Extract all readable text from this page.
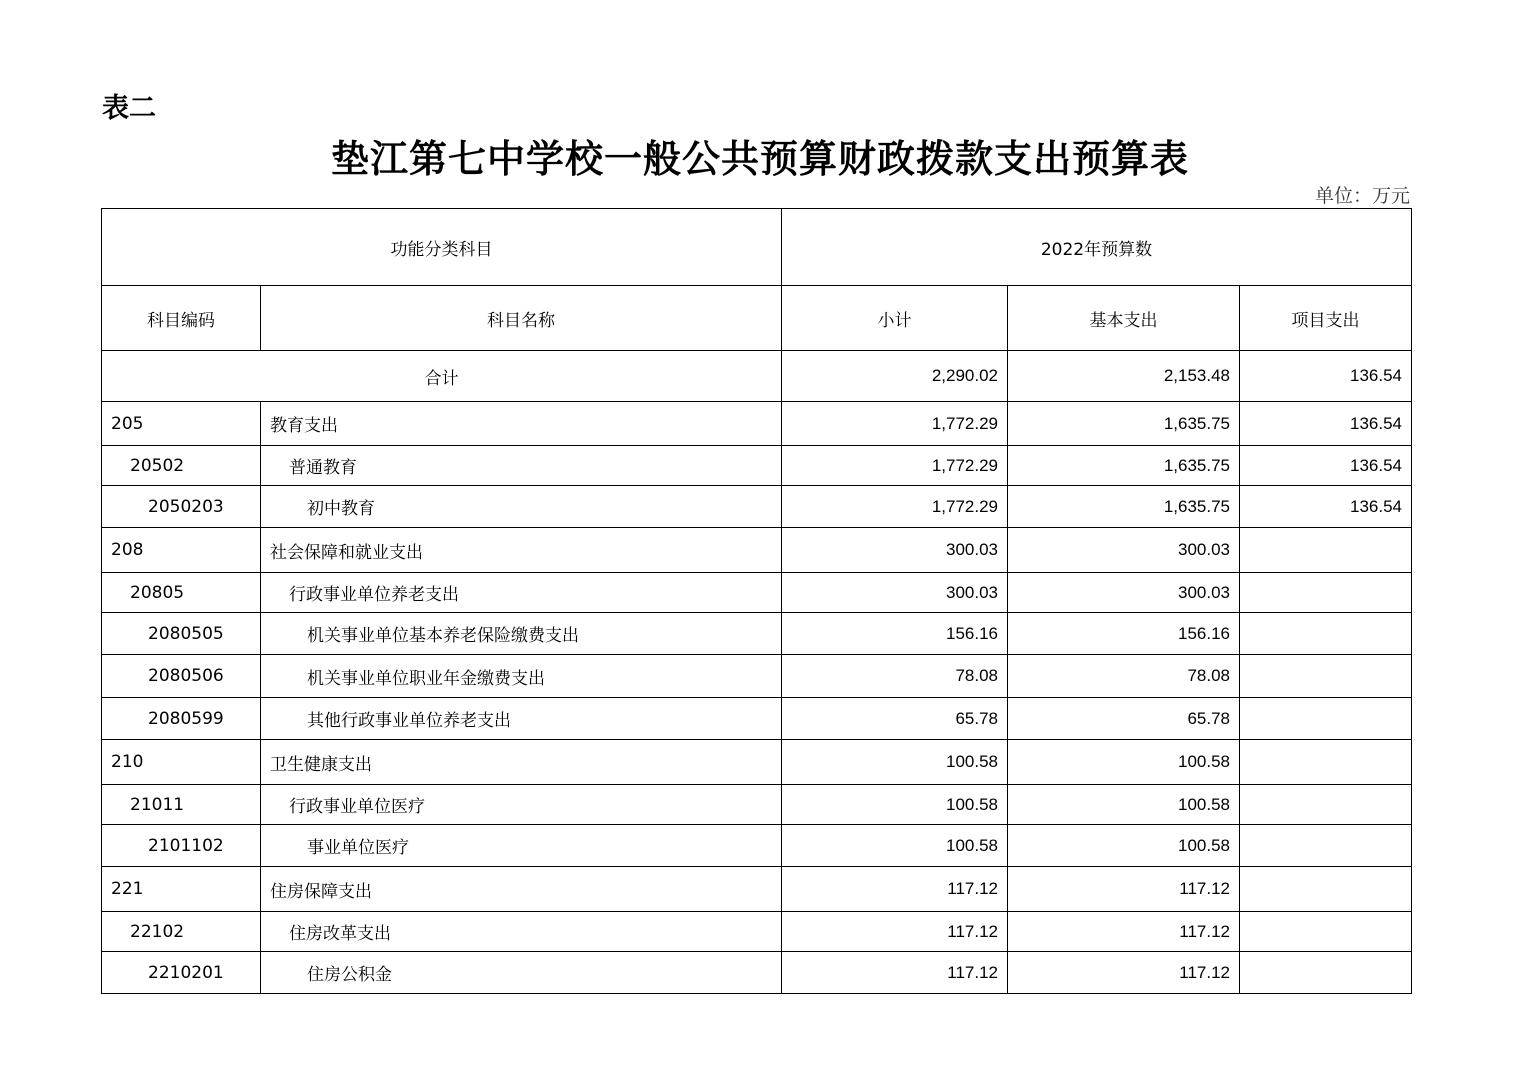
表二
垫江第七中学校一般公共预算财政拨款支出预算表
单位：万元
功能分类科目		2022年预算数		
科目编码	科目名称	小计	基本支出	项目支出
合计		2,290.02	2,153.48	136.54
205	教育支出	1,772.29	1,635.75	136.54
20502	普通教育	1,772.29	1,635.75	136.54
2050203	初中教育	1,772.29	1,635.75	136.54
208	社会保障和就业支出	300.03	300.03	
20805	行政事业单位养老支出	300.03	300.03	
2080505	机关事业单位基本养老保险缴费支出	156.16	156.16	
2080506	机关事业单位职业年金缴费支出	78.08	78.08	
2080599	其他行政事业单位养老支出	65.78	65.78	
210	卫生健康支出	100.58	100.58	
21011	行政事业单位医疗	100.58	100.58	
2101102	事业单位医疗	100.58	100.58	
221	住房保障支出	117.12	117.12	
22102	住房改革支出	117.12	117.12	
2210201	住房公积金	117.12	117.12	
